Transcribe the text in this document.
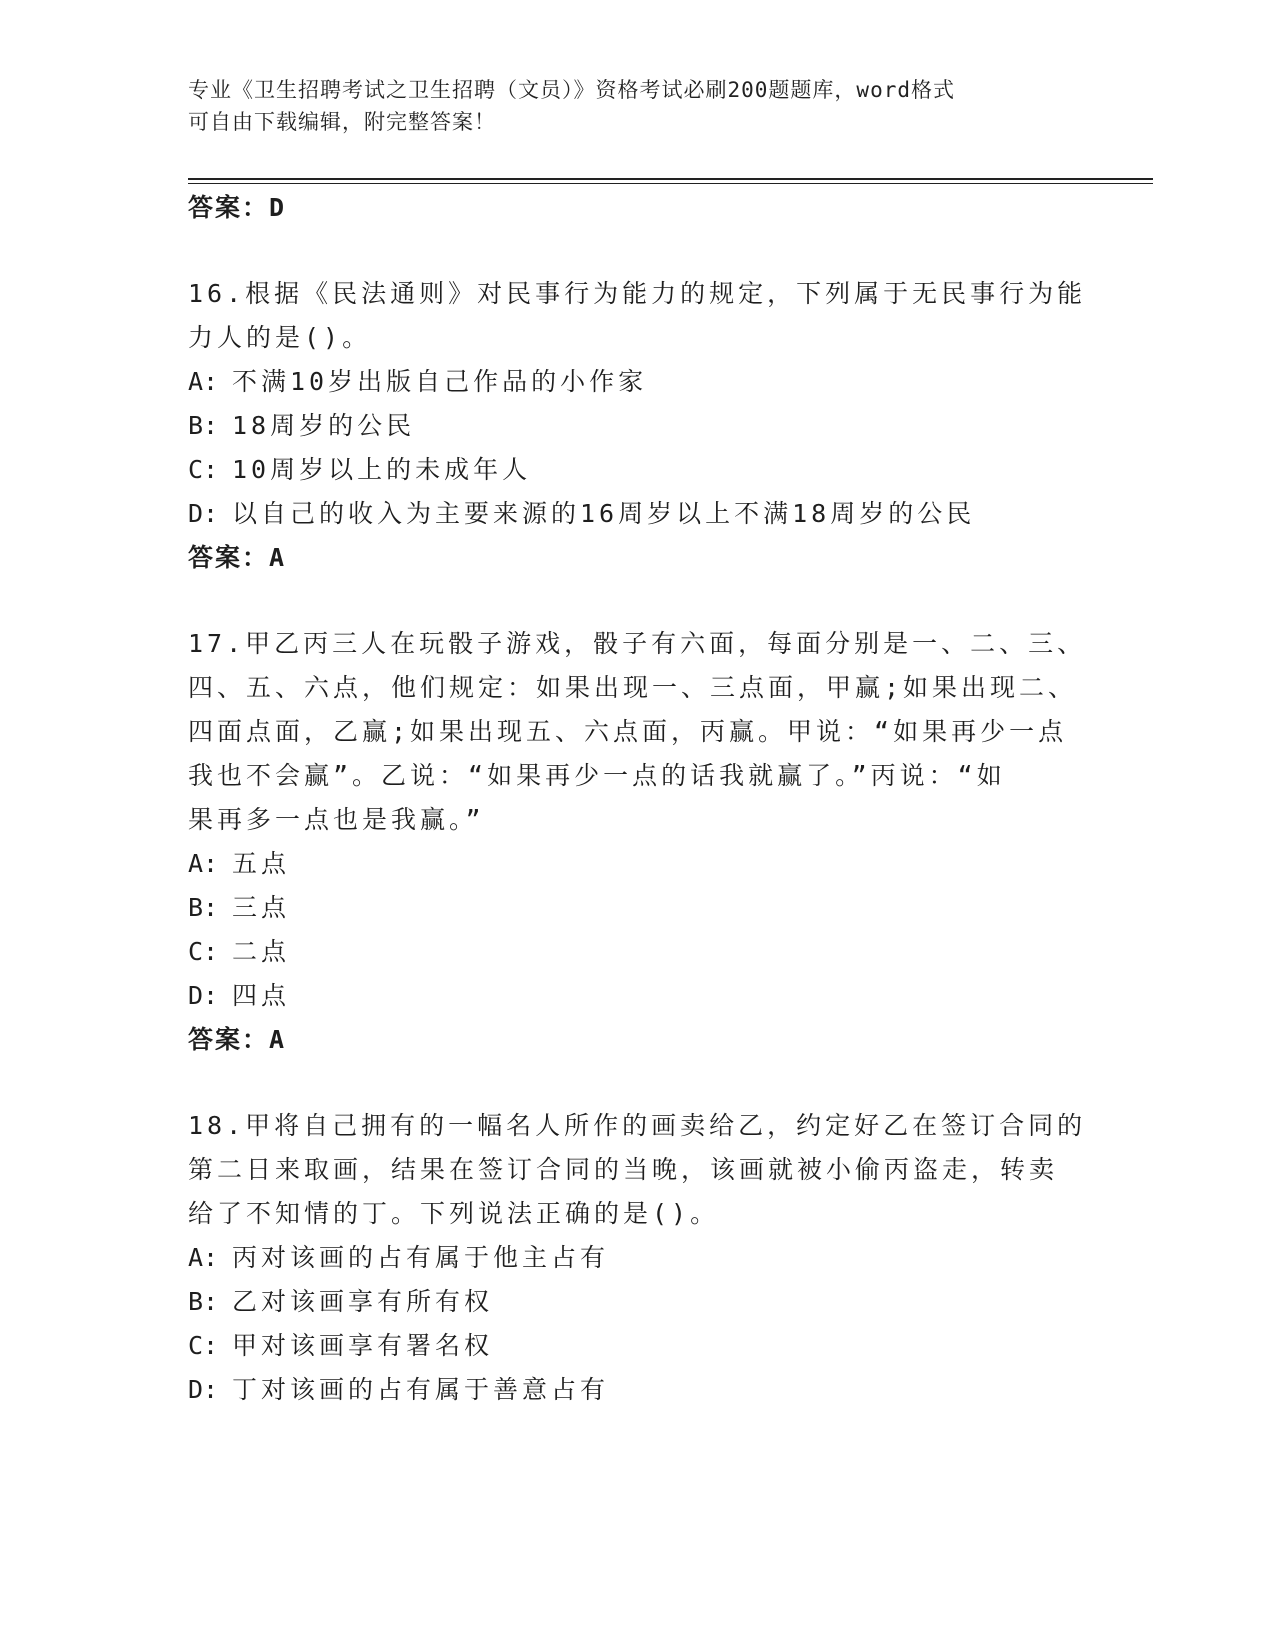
专业《卫生招聘考试之卫生招聘（文员）》资格考试必刷200题题库，word格式
可自由下载编辑，附完整答案！
答案：D
16.根据《民法通则》对民事行为能力的规定，下列属于无民事行为能
力人的是()。
A: 不满10岁出版自己作品的小作家
B: 18周岁的公民
C: 10周岁以上的未成年人
D: 以自己的收入为主要来源的16周岁以上不满18周岁的公民
答案：A
17.甲乙丙三人在玩骰子游戏，骰子有六面，每面分别是一、二、三、
四、五、六点，他们规定：如果出现一、三点面，甲赢;如果出现二、
四面点面，乙赢;如果出现五、六点面，丙赢。甲说：“如果再少一点
我也不会赢”。乙说：“如果再少一点的话我就赢了。”丙说：“如
果再多一点也是我赢。”
A: 五点
B: 三点
C: 二点
D: 四点
答案：A
18.甲将自己拥有的一幅名人所作的画卖给乙，约定好乙在签订合同的
第二日来取画，结果在签订合同的当晚，该画就被小偷丙盗走，转卖
给了不知情的丁。下列说法正确的是()。
A: 丙对该画的占有属于他主占有
B: 乙对该画享有所有权
C: 甲对该画享有署名权
D: 丁对该画的占有属于善意占有
